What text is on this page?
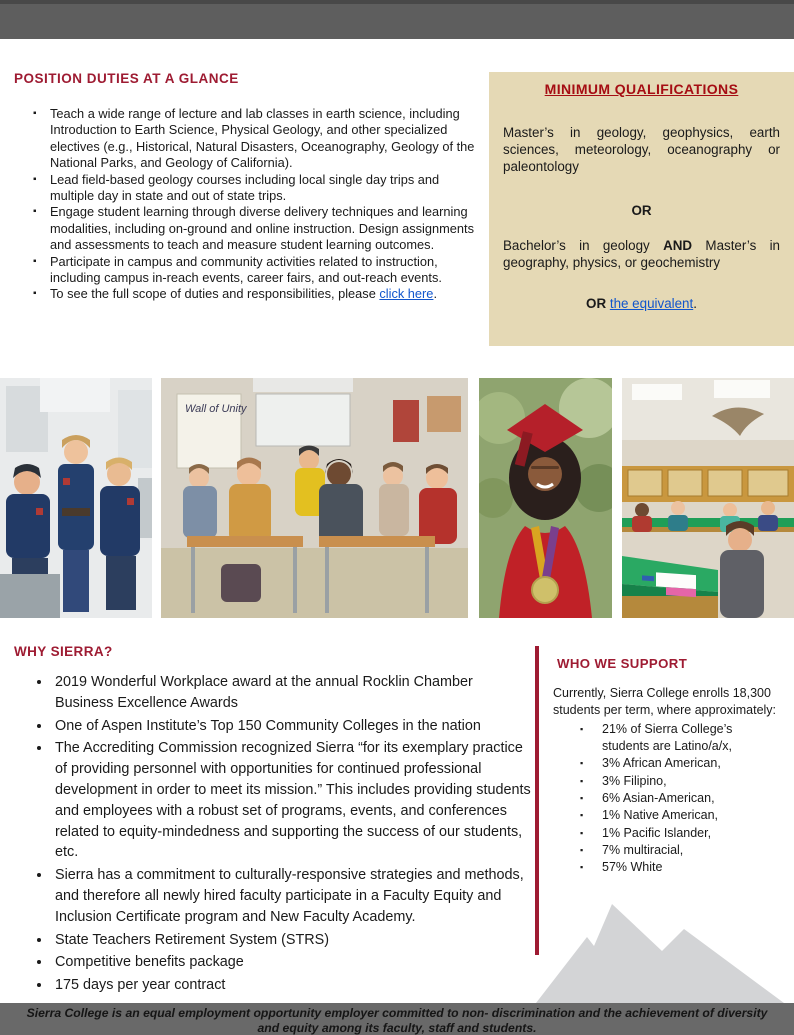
POSITION DUTIES AT A GLANCE
▪ Teach a wide range of lecture and lab classes in earth science, including Introduction to Earth Science, Physical Geology, and other specialized electives (e.g., Historical, Natural Disasters, Oceanography, Geology of the National Parks, and Geology of California).
▪ Lead field-based geology courses including local single day trips and multiple day in state and out of state trips.
▪ Engage student learning through diverse delivery techniques and learning modalities, including on-ground and online instruction. Design assignments and assessments to teach and measure student learning outcomes.
▪ Participate in campus and community activities related to instruction, including campus in-reach events, career fairs, and out-reach events.
▪ To see the full scope of duties and responsibilities, please click here.
MINIMUM QUALIFICATIONS

Master’s in geology, geophysics, earth sciences, meteorology, oceanography or paleontology

OR

Bachelor’s in geology AND Master’s in geography, physics, or geochemistry

OR the equivalent.

Wall of Unity
WHY SIERRA?
• 2019 Wonderful Workplace award at the annual Rocklin Chamber Business Excellence Awards
• One of Aspen Institute’s Top 150 Community Colleges in the nation
• The Accrediting Commission recognized Sierra “for its exemplary practice of providing personnel with opportunities for continued professional development in order to meet its mission.” This includes providing students and employees with a robust set of programs, events, and conferences related to equity-mindedness and supporting the success of our students, etc.
• Sierra has a commitment to culturally-responsive strategies and methods, and therefore all newly hired faculty participate in a Faculty Equity and Inclusion Certificate program and New Faculty Academy.
• State Teachers Retirement System (STRS)
• Competitive benefits package
• 175 days per year contract
WHO WE SUPPORT

Currently, Sierra College enrolls 18,300 students per term, where approximately:

▪ 21% of Sierra College’s students are Latino/a/x,
▪ 3% African American,
▪ 3% Filipino,
▪ 6% Asian-American,
▪ 1% Native American,
▪ 1% Pacific Islander,
▪ 7% multiracial,
▪ 57% White
Sierra College is an equal employment opportunity employer committed to non- discrimination and the achievement of diversity
and equity among its faculty, staff and students.
